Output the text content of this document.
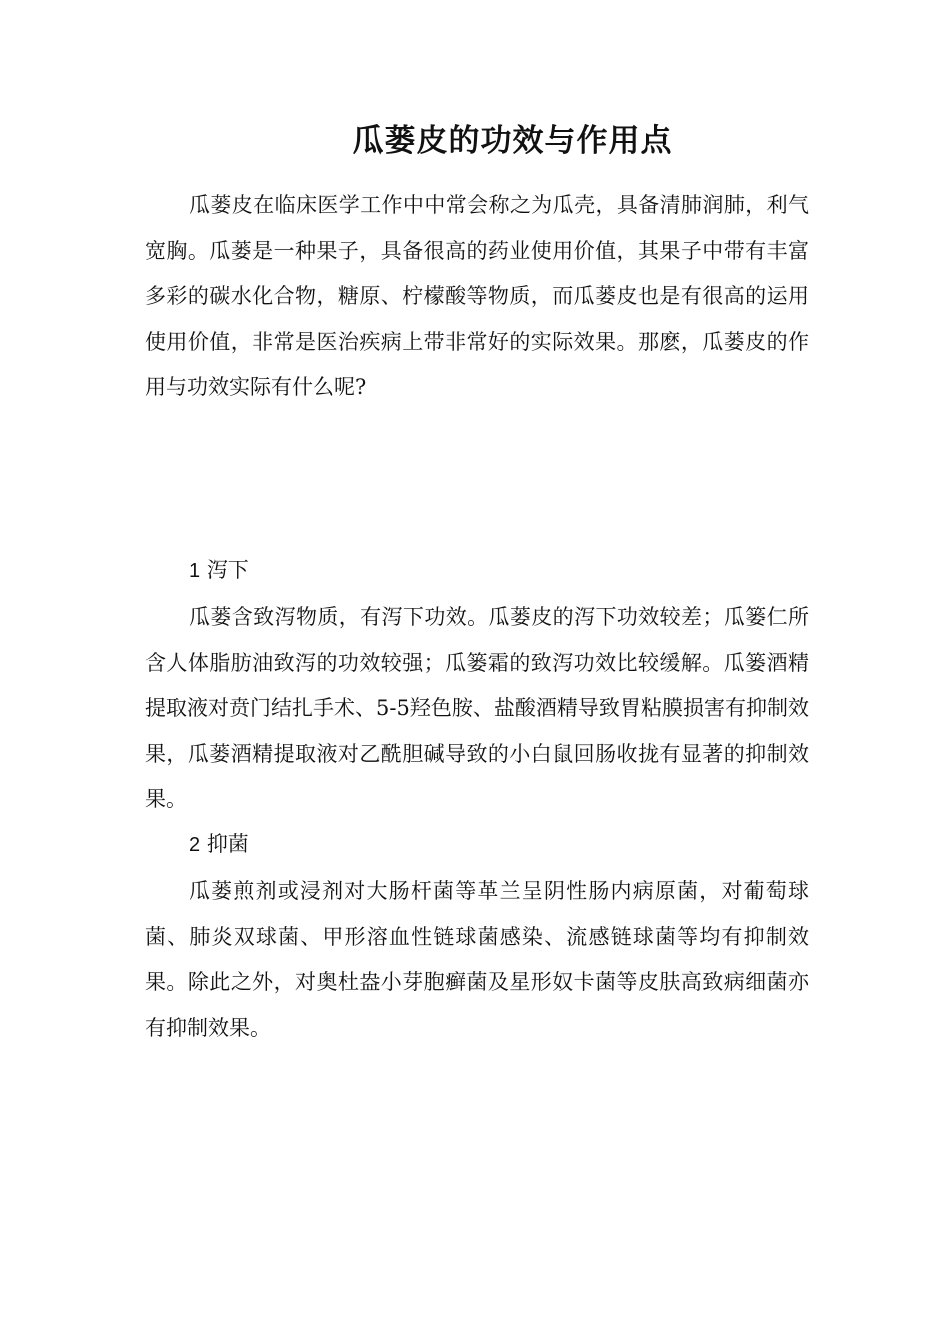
瓜蒌皮的功效与作用点

瓜蒌皮在临床医学工作中中常会称之为瓜壳，具备清肺润肺，利气宽胸。瓜蒌是一种果子，具备很高的药业使用价值，其果子中带有丰富多彩的碳水化合物，糖原、柠檬酸等物质，而瓜蒌皮也是有很高的运用使用价值，非常是医治疾病上带非常好的实际效果。那麽，瓜蒌皮的作用与功效实际有什么呢?

1 泻下

瓜蒌含致泻物质，有泻下功效。瓜蒌皮的泻下功效较差；瓜篓仁所含人体脂肪油致泻的功效较强；瓜篓霜的致泻功效比较缓解。瓜篓酒精提取液对贲门结扎手术、5-5羟色胺、盐酸酒精导致胃粘膜损害有抑制效果，瓜蒌酒精提取液对乙酰胆碱导致的小白鼠回肠收拢有显著的抑制效果。

2 抑菌

瓜蒌煎剂或浸剂对大肠杆菌等革兰呈阴性肠内病原菌，对葡萄球菌、肺炎双球菌、甲形溶血性链球菌感染、流感链球菌等均有抑制效果。除此之外，对奥杜盎小芽胞癣菌及星形奴卡菌等皮肤高致病细菌亦有抑制效果。
